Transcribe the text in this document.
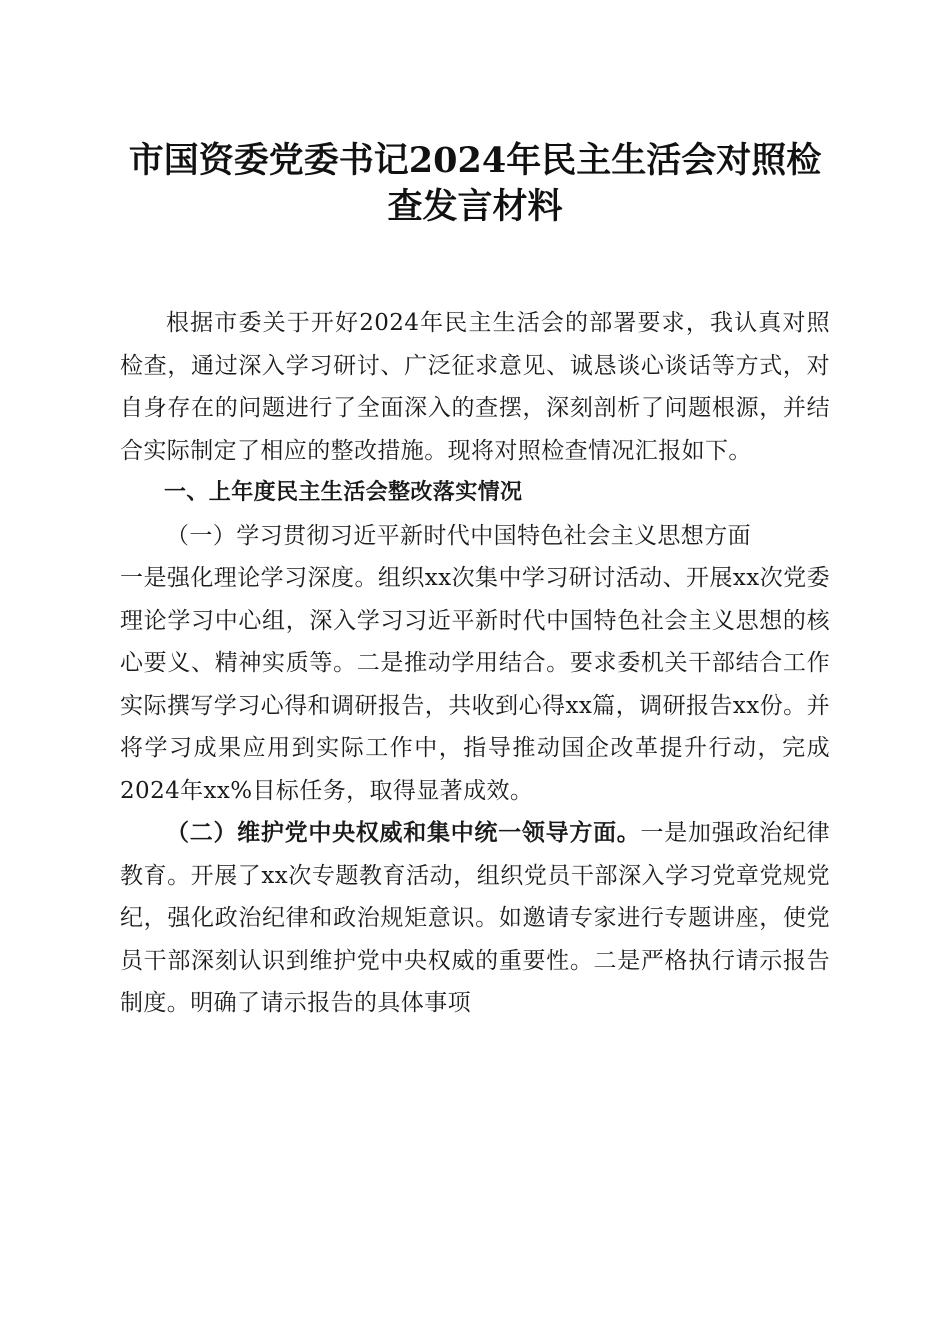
市国资委党委书记2024年民主生活会对照检
查发言材料

根据市委关于开好2024年民主生活会的部署要求，我认真对照检查，通过深入学习研讨、广泛征求意见、诚恳谈心谈话等方式，对自身存在的问题进行了全面深入的查摆，深刻剖析了问题根源，并结合实际制定了相应的整改措施。现将对照检查情况汇报如下。

一、上年度民主生活会整改落实情况

（一）学习贯彻习近平新时代中国特色社会主义思想方面

一是强化理论学习深度。组织xx次集中学习研讨活动、开展xx次党委理论学习中心组，深入学习习近平新时代中国特色社会主义思想的核心要义、精神实质等。二是推动学用结合。要求委机关干部结合工作实际撰写学习心得和调研报告，共收到心得xx篇，调研报告xx份。并将学习成果应用到实际工作中，指导推动国企改革提升行动，完成2024年xx%目标任务，取得显著成效。

（二）维护党中央权威和集中统一领导方面。一是加强政治纪律教育。开展了xx次专题教育活动，组织党员干部深入学习党章党规党纪，强化政治纪律和政治规矩意识。如邀请专家进行专题讲座，使党员干部深刻认识到维护党中央权威的重要性。二是严格执行请示报告制度。明确了请示报告的具体事项
